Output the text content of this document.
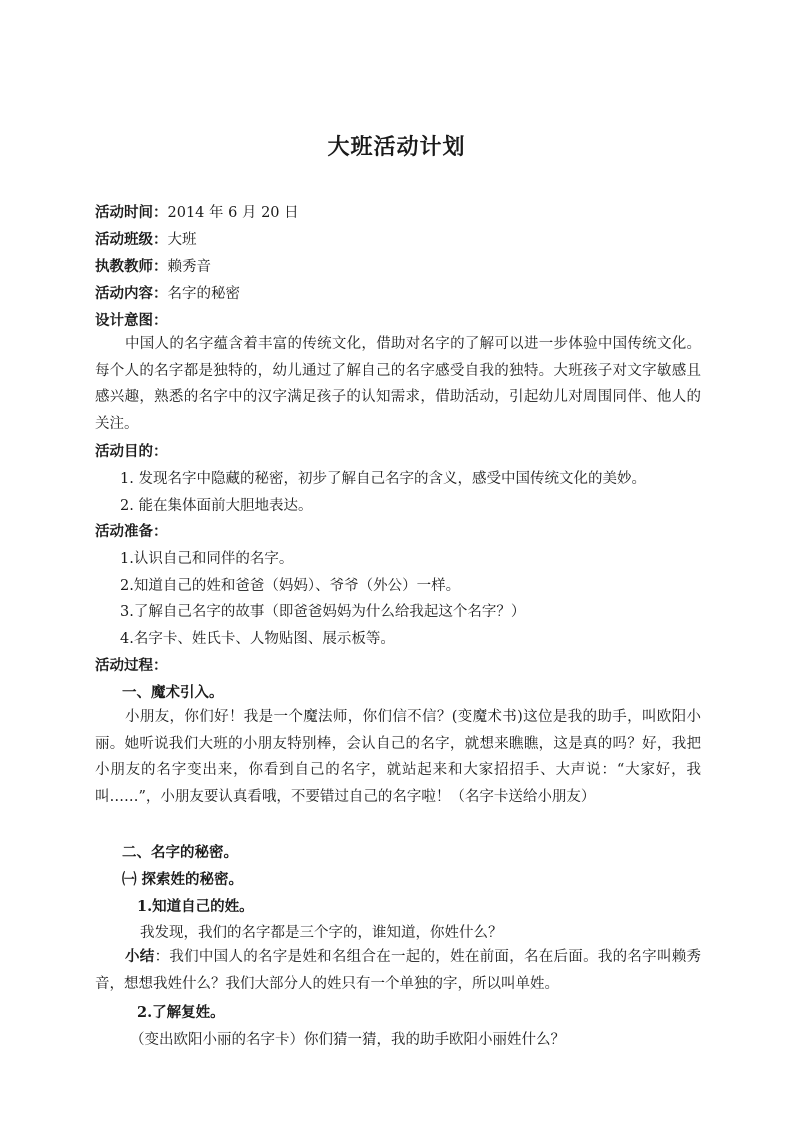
大班活动计划
活动时间：2014 年 6 月 20 日
活动班级：大班
执教教师：赖秀音
活动内容：名字的秘密
设计意图：
中国人的名字蕴含着丰富的传统文化，借助对名字的了解可以进一步体验中国传统文化。每个人的名字都是独特的，幼儿通过了解自己的名字感受自我的独特。大班孩子对文字敏感且感兴趣，熟悉的名字中的汉字满足孩子的认知需求，借助活动，引起幼儿对周围同伴、他人的关注。
活动目的：
1. 发现名字中隐藏的秘密，初步了解自己名字的含义，感受中国传统文化的美妙。
2. 能在集体面前大胆地表达。
活动准备：
1.认识自己和同伴的名字。
2.知道自己的姓和爸爸（妈妈）、爷爷（外公）一样。
3.了解自己名字的故事（即爸爸妈妈为什么给我起这个名字？）
4.名字卡、姓氏卡、人物贴图、展示板等。
活动过程：
一、魔术引入。
小朋友，你们好！我是一个魔法师，你们信不信？(变魔术书)这位是我的助手，叫欧阳小丽。她听说我们大班的小朋友特别棒，会认自己的名字，就想来瞧瞧，这是真的吗？好，我把小朋友的名字变出来，你看到自己的名字，就站起来和大家招招手、大声说：“大家好，我叫……”，小朋友要认真看哦，不要错过自己的名字啦！（名字卡送给小朋友）
二、名字的秘密。
㈠ 探索姓的秘密。
1.知道自己的姓。
我发现，我们的名字都是三个字的，谁知道，你姓什么？
小结：我们中国人的名字是姓和名组合在一起的，姓在前面，名在后面。我的名字叫赖秀音，想想我姓什么？我们大部分人的姓只有一个单独的字，所以叫单姓。
2.了解复姓。
（变出欧阳小丽的名字卡）你们猜一猜，我的助手欧阳小丽姓什么？
